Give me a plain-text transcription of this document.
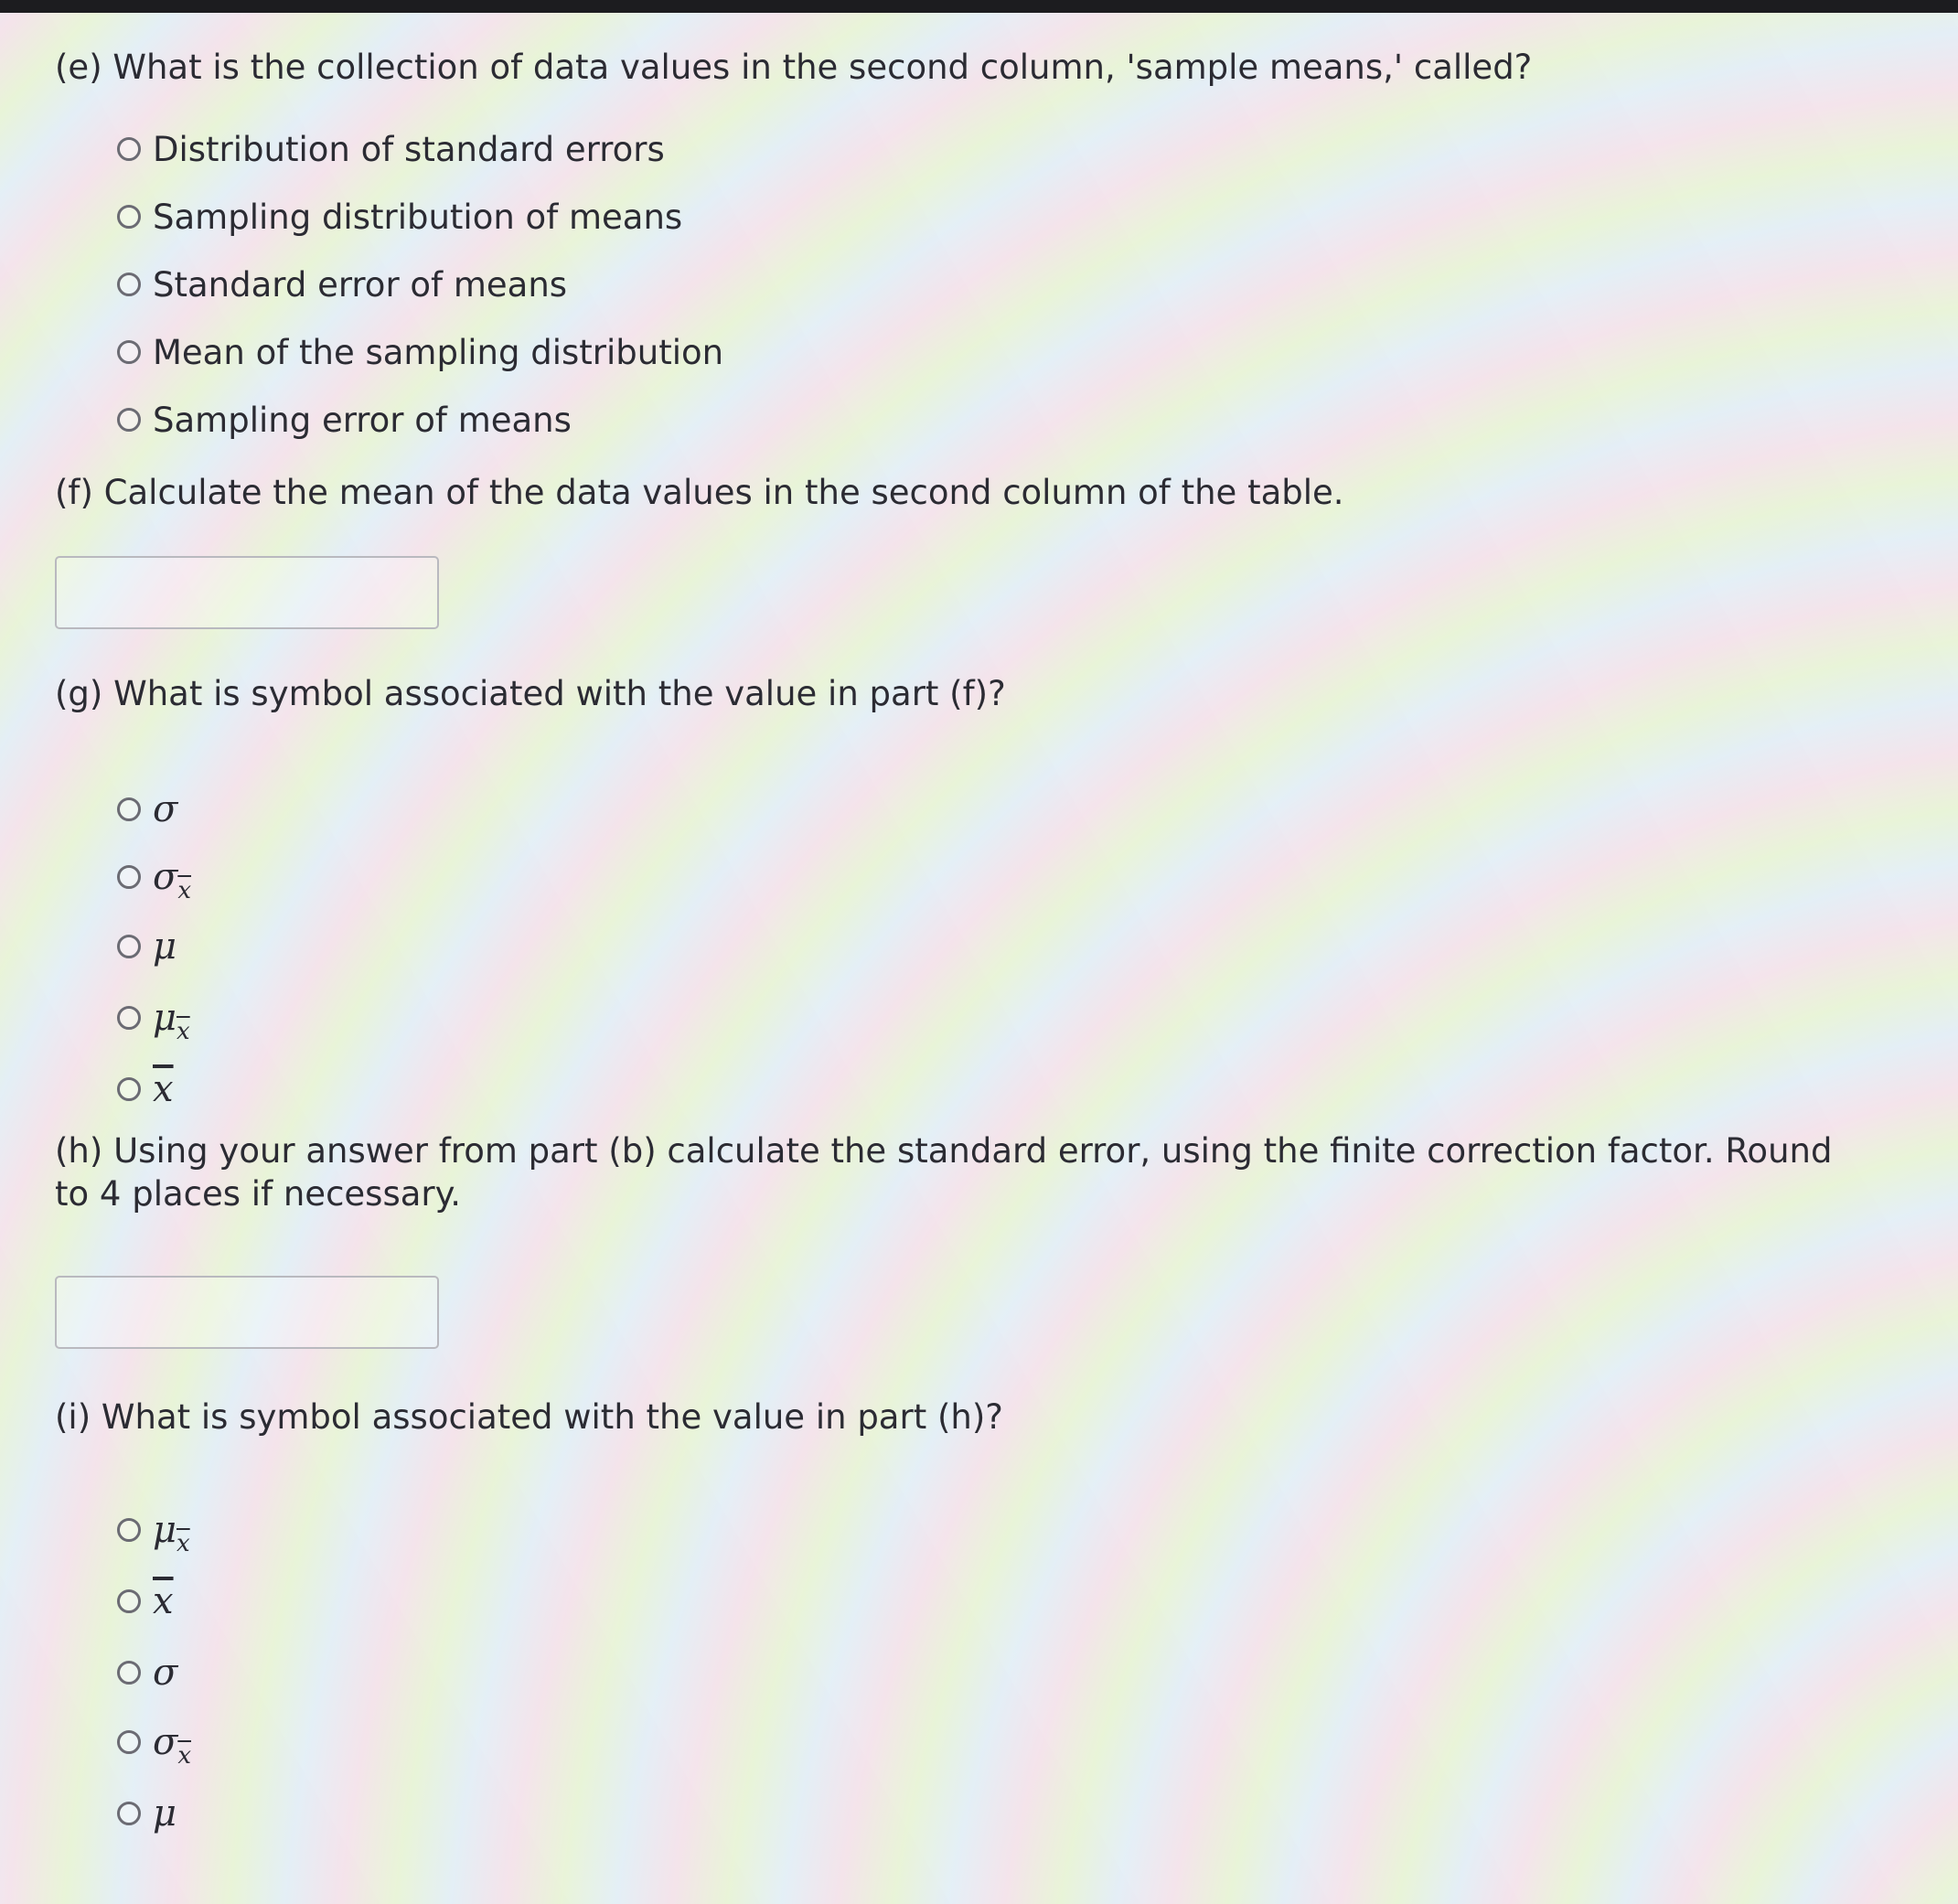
(e) What is the collection of data values in the second column, 'sample means,' called?
Distribution of standard errors
Sampling distribution of means
Standard error of means
Mean of the sampling distribution
Sampling error of means
(f) Calculate the mean of the data values in the second column of the table.
(g) What is symbol associated with the value in part (f)?
σ
$\sigma_{\overline{x}}$
μ
$\mu_{\overline{x}}$
$\overline{x}$
(h) Using your answer from part (b) calculate the standard error, using the finite correction factor. Round to 4 places if necessary.
(i) What is symbol associated with the value in part (h)?
$\mu_{\overline{x}}$
$\overline{x}$
σ
$\sigma_{\overline{x}}$
μ
